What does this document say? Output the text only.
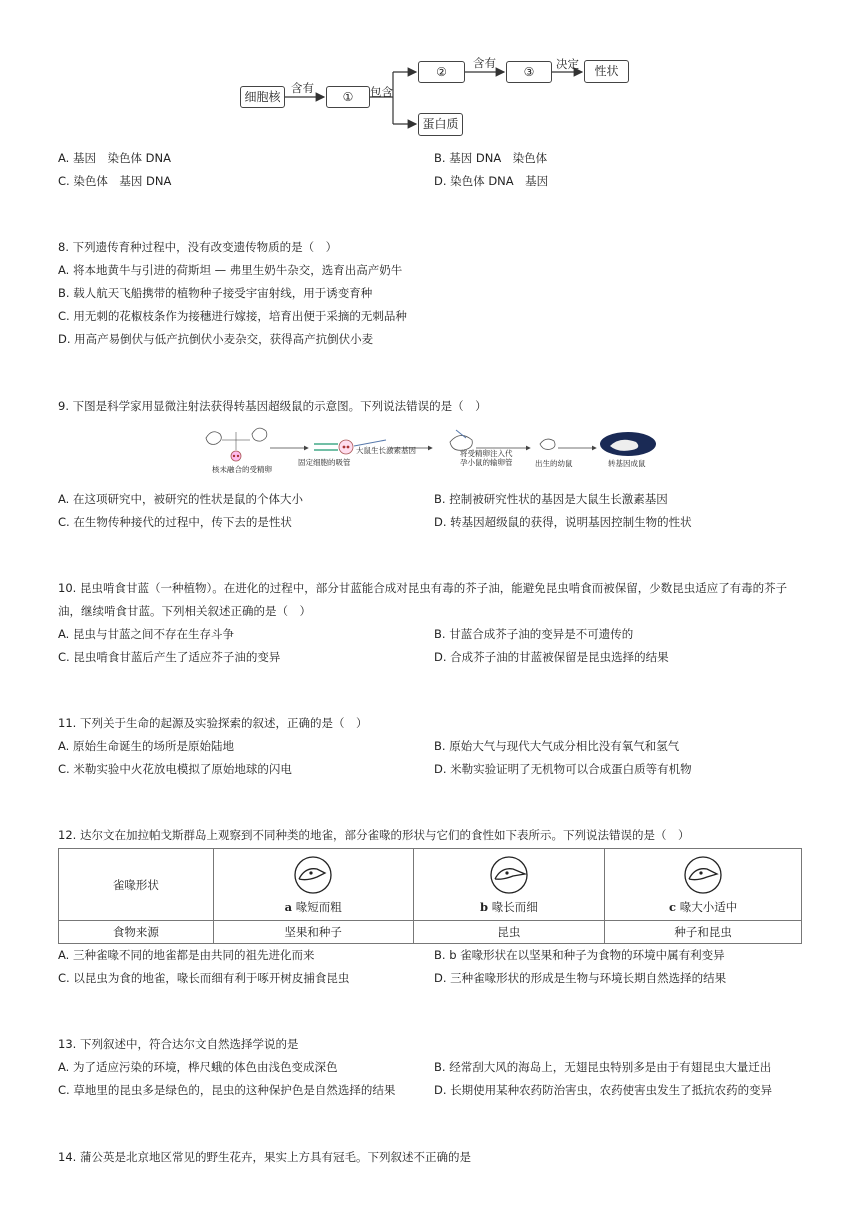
细胞核	①
②	③	性状
蛋白质
含有	包含
含有	决定
A. 基因　染色体 DNA	B. 基因 DNA　染色体
C. 染色体　基因 DNA	D. 染色体 DNA　基因
8. 下列遗传育种过程中，没有改变遗传物质的是（　）
A. 将本地黄牛与引进的荷斯坦 — 弗里生奶牛杂交，选育出高产奶牛
B. 载人航天飞船携带的植物种子接受宇宙射线，用于诱变育种
C. 用无刺的花椒枝条作为接穗进行嫁接，培育出便于采摘的无刺品种
D. 用高产易倒伏与低产抗倒伏小麦杂交，获得高产抗倒伏小麦
9. 下图是科学家用显微注射法获得转基因超级鼠的示意图。下列说法错误的是（　）
核未融合的受精卵
固定细胞的吸管
大鼠生长激素基因	将受精卵注入代孕小鼠的输卵管	出生的幼鼠	转基因成鼠
A. 在这项研究中，被研究的性状是鼠的个体大小	B. 控制被研究性状的基因是大鼠生长激素基因
C. 在生物传种接代的过程中，传下去的是性状	D. 转基因超级鼠的获得，说明基因控制生物的性状
10. 昆虫啃食甘蓝（一种植物）。在进化的过程中，部分甘蓝能合成对昆虫有毒的芥子油，能避免昆虫啃食而被保留，少数昆虫适应了有毒的芥子
油，继续啃食甘蓝。下列相关叙述正确的是（　）
A. 昆虫与甘蓝之间不存在生存斗争	B. 甘蓝合成芥子油的变异是不可遗传的
C. 昆虫啃食甘蓝后产生了适应芥子油的变异	D. 合成芥子油的甘蓝被保留是昆虫选择的结果
11. 下列关于生命的起源及实验探索的叙述，正确的是（　）
A. 原始生命诞生的场所是原始陆地	B. 原始大气与现代大气成分相比没有氧气和氢气
C. 米勒实验中火花放电模拟了原始地球的闪电	D. 米勒实验证明了无机物可以合成蛋白质等有机物
12. 达尔文在加拉帕戈斯群岛上观察到不同种类的地雀，部分雀喙的形状与它们的食性如下表所示。下列说法错误的是（　）
雀喙形状	a 喙短而粗	b 喙长而细	c 喙大小适中

食物来源	坚果和种子	昆虫	种子和昆虫
A. 三种雀喙不同的地雀都是由共同的祖先进化而来	B. b 雀喙形状在以坚果和种子为食物的环境中属有利变异
C. 以昆虫为食的地雀，喙长而细有利于啄开树皮捕食昆虫	D. 三种雀喙形状的形成是生物与环境长期自然选择的结果
13. 下列叙述中，符合达尔文自然选择学说的是
A. 为了适应污染的环境，桦尺蛾的体色由浅色变成深色	B. 经常刮大风的海岛上，无翅昆虫特别多是由于有翅昆虫大量迁出
C. 草地里的昆虫多是绿色的，昆虫的这种保护色是自然选择的结果	D. 长期使用某种农药防治害虫，农药使害虫发生了抵抗农药的变异
14. 蒲公英是北京地区常见的野生花卉，果实上方具有冠毛。下列叙述不正确的是
